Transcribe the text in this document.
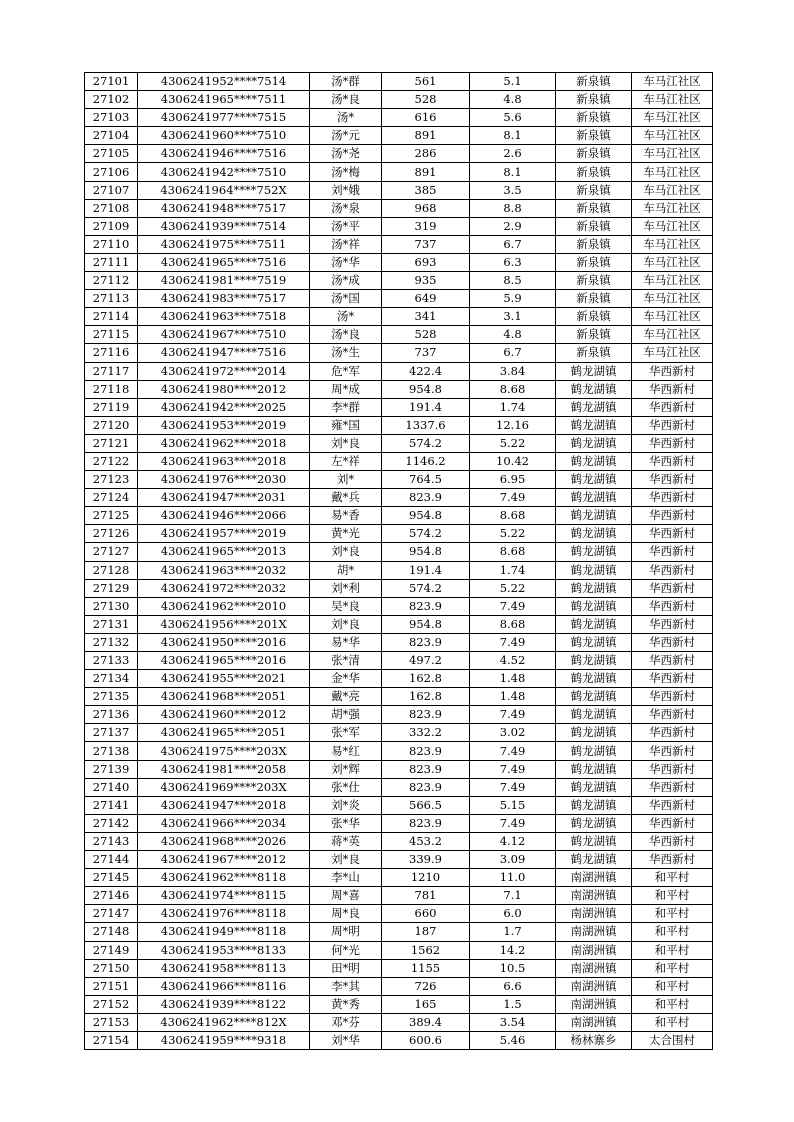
27101	4306241952****7514	汤*群	561	5.1	新泉镇	车马江社区
27102	4306241965****7511	汤*良	528	4.8	新泉镇	车马江社区
27103	4306241977****7515	汤*	616	5.6	新泉镇	车马江社区
27104	4306241960****7510	汤*元	891	8.1	新泉镇	车马江社区
27105	4306241946****7516	汤*尧	286	2.6	新泉镇	车马江社区
27106	4306241942****7510	汤*梅	891	8.1	新泉镇	车马江社区
27107	4306241964****752X	刘*娥	385	3.5	新泉镇	车马江社区
27108	4306241948****7517	汤*泉	968	8.8	新泉镇	车马江社区
27109	4306241939****7514	汤*平	319	2.9	新泉镇	车马江社区
27110	4306241975****7511	汤*祥	737	6.7	新泉镇	车马江社区
27111	4306241965****7516	汤*华	693	6.3	新泉镇	车马江社区
27112	4306241981****7519	汤*成	935	8.5	新泉镇	车马江社区
27113	4306241983****7517	汤*国	649	5.9	新泉镇	车马江社区
27114	4306241963****7518	汤*	341	3.1	新泉镇	车马江社区
27115	4306241967****7510	汤*良	528	4.8	新泉镇	车马江社区
27116	4306241947****7516	汤*生	737	6.7	新泉镇	车马江社区
27117	4306241972****2014	危*军	422.4	3.84	鹤龙湖镇	华西新村
27118	4306241980****2012	周*成	954.8	8.68	鹤龙湖镇	华西新村
27119	4306241942****2025	李*群	191.4	1.74	鹤龙湖镇	华西新村
27120	4306241953****2019	雍*国	1337.6	12.16	鹤龙湖镇	华西新村
27121	4306241962****2018	刘*良	574.2	5.22	鹤龙湖镇	华西新村
27122	4306241963****2018	左*祥	1146.2	10.42	鹤龙湖镇	华西新村
27123	4306241976****2030	刘*	764.5	6.95	鹤龙湖镇	华西新村
27124	4306241947****2031	戴*兵	823.9	7.49	鹤龙湖镇	华西新村
27125	4306241946****2066	易*香	954.8	8.68	鹤龙湖镇	华西新村
27126	4306241957****2019	黄*光	574.2	5.22	鹤龙湖镇	华西新村
27127	4306241965****2013	刘*良	954.8	8.68	鹤龙湖镇	华西新村
27128	4306241963****2032	胡*	191.4	1.74	鹤龙湖镇	华西新村
27129	4306241972****2032	刘*利	574.2	5.22	鹤龙湖镇	华西新村
27130	4306241962****2010	吴*良	823.9	7.49	鹤龙湖镇	华西新村
27131	4306241956****201X	刘*良	954.8	8.68	鹤龙湖镇	华西新村
27132	4306241950****2016	易*华	823.9	7.49	鹤龙湖镇	华西新村
27133	4306241965****2016	张*清	497.2	4.52	鹤龙湖镇	华西新村
27134	4306241955****2021	金*华	162.8	1.48	鹤龙湖镇	华西新村
27135	4306241968****2051	戴*亮	162.8	1.48	鹤龙湖镇	华西新村
27136	4306241960****2012	胡*强	823.9	7.49	鹤龙湖镇	华西新村
27137	4306241965****2051	张*军	332.2	3.02	鹤龙湖镇	华西新村
27138	4306241975****203X	易*红	823.9	7.49	鹤龙湖镇	华西新村
27139	4306241981****2058	刘*辉	823.9	7.49	鹤龙湖镇	华西新村
27140	4306241969****203X	张*仕	823.9	7.49	鹤龙湖镇	华西新村
27141	4306241947****2018	刘*炎	566.5	5.15	鹤龙湖镇	华西新村
27142	4306241966****2034	张*华	823.9	7.49	鹤龙湖镇	华西新村
27143	4306241968****2026	蒋*英	453.2	4.12	鹤龙湖镇	华西新村
27144	4306241967****2012	刘*良	339.9	3.09	鹤龙湖镇	华西新村
27145	4306241962****8118	李*山	1210	11.0	南湖洲镇	和平村
27146	4306241974****8115	周*喜	781	7.1	南湖洲镇	和平村
27147	4306241976****8118	周*良	660	6.0	南湖洲镇	和平村
27148	4306241949****8118	周*明	187	1.7	南湖洲镇	和平村
27149	4306241953****8133	何*光	1562	14.2	南湖洲镇	和平村
27150	4306241958****8113	田*明	1155	10.5	南湖洲镇	和平村
27151	4306241966****8116	李*其	726	6.6	南湖洲镇	和平村
27152	4306241939****8122	黄*秀	165	1.5	南湖洲镇	和平村
27153	4306241962****812X	邓*芬	389.4	3.54	南湖洲镇	和平村
27154	4306241959****9318	刘*华	600.6	5.46	杨林寨乡	太合围村
